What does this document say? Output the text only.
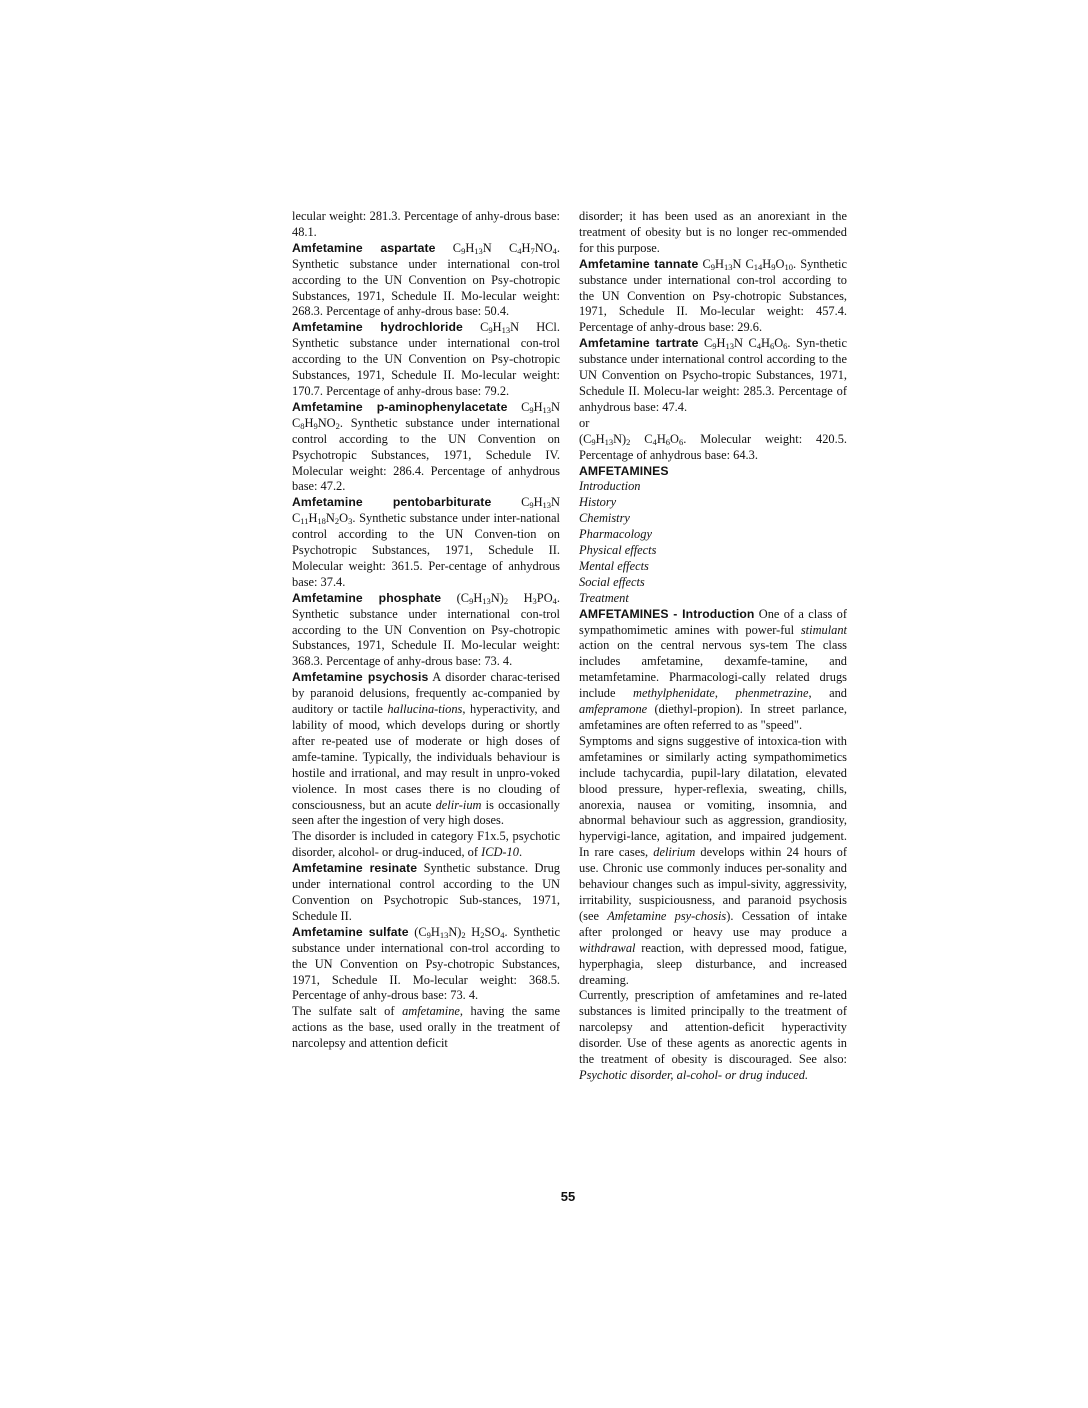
lecular weight: 281.3. Percentage of anhy-drous base: 48.1.

Amfetamine aspartate $C_9H_{13}N$ $C_4H_7NO_4$. Synthetic substance under international con-trol according to the UN Convention on Psy-chotropic Substances, 1971, Schedule II. Mo-lecular weight: 268.3. Percentage of anhy-drous base: 50.4.

Amfetamine hydrochloride $C_9H_{13}N$ HCl. Synthetic substance under international con-trol according to the UN Convention on Psy-chotropic Substances, 1971, Schedule II. Mo-lecular weight: 170.7. Percentage of anhy-drous base: 79.2.

Amfetamine p-aminophenylacetate $C_9H_{13}N$ $C_8H_9NO_2$. Synthetic substance under international control according to the UN Convention on Psychotropic Substances, 1971, Schedule IV. Molecular weight: 286.4. Percentage of anhydrous base: 47.2.

Amfetamine pentobarbiturate $C_9H_{13}N$ $C_{11}H_{18}N_2O_3$. Synthetic substance under inter-national control according to the UN Conven-tion on Psychotropic Substances, 1971, Schedule II. Molecular weight: 361.5. Per-centage of anhydrous base: 37.4.

Amfetamine phosphate $(C_9H_{13}N)_2$ $H_3PO_4$. Synthetic substance under international con-trol according to the UN Convention on Psy-chotropic Substances, 1971, Schedule II. Mo-lecular weight: 368.3. Percentage of anhy-drous base: 73. 4.

Amfetamine psychosis A disorder charac-terised by paranoid delusions, frequently ac-companied by auditory or tactile hallucina-tions, hyperactivity, and lability of mood, which develops during or shortly after re-peated use of moderate or high doses of amfe-tamine. Typically, the individuals behaviour is hostile and irrational, and may result in unpro-voked violence. In most cases there is no clouding of consciousness, but an acute delir-ium is occasionally seen after the ingestion of very high doses.

The disorder is included in category F1x.5, psychotic disorder, alcohol- or drug-induced, of ICD-10.

Amfetamine resinate Synthetic substance. Drug under international control according to the UN Convention on Psychotropic Sub-stances, 1971, Schedule II.

Amfetamine sulfate $(C_9H_{13}N)_2$ $H_2SO_4$. Synthetic substance under international con-trol according to the UN Convention on Psy-chotropic Substances, 1971, Schedule II. Mo-lecular weight: 368.5. Percentage of anhy-drous base: 73. 4.

The sulfate salt of amfetamine, having the same actions as the base, used orally in the treatment of narcolepsy and attention deficit

disorder; it has been used as an anorexiant in the treatment of obesity but is no longer rec-ommended for this purpose.

Amfetamine tannate $C_9H_{13}N$ $C_{14}H_9O_{10}$. Synthetic substance under international con-trol according to the UN Convention on Psy-chotropic Substances, 1971, Schedule II. Mo-lecular weight: 457.4. Percentage of anhy-drous base: 29.6.

Amfetamine tartrate $C_9H_{13}N$ $C_4H_6O_6$. Syn-thetic substance under international control according to the UN Convention on Psycho-tropic Substances, 1971, Schedule II. Molecu-lar weight: 285.3. Percentage of anhydrous base: 47.4.

or

$(C_9H_{13}N)_2$ $C_4H_6O_6$. Molecular weight: 420.5. Percentage of anhydrous base: 64.3.

AMFETAMINES

Introduction

History

Chemistry

Pharmacology

Physical effects

Mental effects

Social effects

Treatment

AMFETAMINES - Introduction One of a class of sympathomimetic amines with power-ful stimulant action on the central nervous sys-tem The class includes amfetamine, dexamfe-tamine, and metamfetamine. Pharmacologi-cally related drugs include methylphenidate, phenmetrazine, and amfepramone (diethyl-propion). In street parlance, amfetamines are often referred to as "speed".

Symptoms and signs suggestive of intoxica-tion with amfetamines or similarly acting sympathomimetics include tachycardia, pupil-lary dilatation, elevated blood pressure, hyper-reflexia, sweating, chills, anorexia, nausea or vomiting, insomnia, and abnormal behaviour such as aggression, grandiosity, hypervigi-lance, agitation, and impaired judgement. In rare cases, delirium develops within 24 hours of use. Chronic use commonly induces per-sonality and behaviour changes such as impul-sivity, aggressivity, irritability, suspiciousness, and paranoid psychosis (see Amfetamine psy-chosis). Cessation of intake after prolonged or heavy use may produce a withdrawal reaction, with depressed mood, fatigue, hyperphagia, sleep disturbance, and increased dreaming.

Currently, prescription of amfetamines and re-lated substances is limited principally to the treatment of narcolepsy and attention-deficit hyperactivity disorder. Use of these agents as anorectic agents in the treatment of obesity is discouraged. See also: Psychotic disorder, al-cohol- or drug induced.

55
